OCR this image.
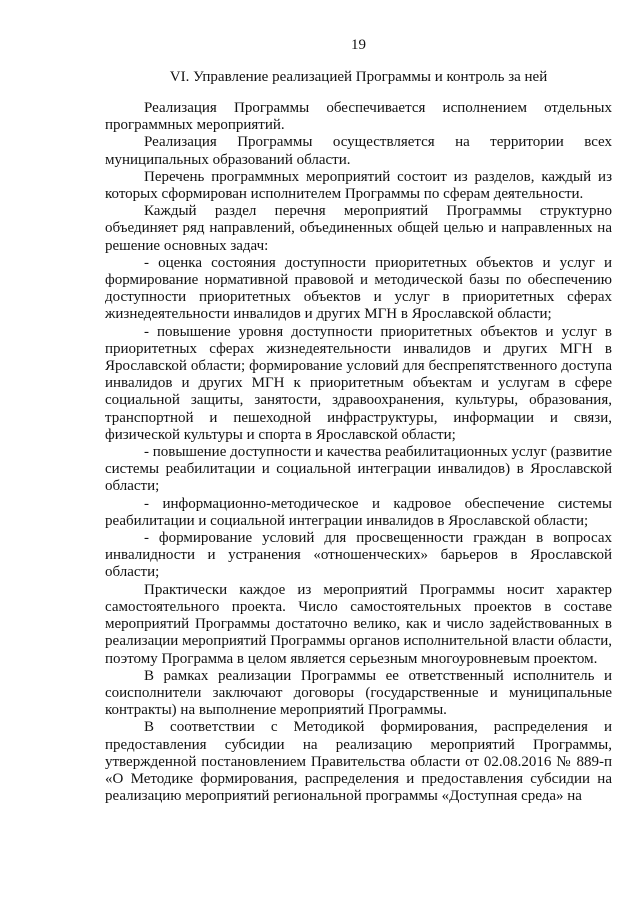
19
VI. Управление реализацией Программы и контроль за ней

Реализация Программы обеспечивается исполнением отдельных программных мероприятий.

Реализация Программы осуществляется на территории всех муниципальных образований области.

Перечень программных мероприятий состоит из разделов, каждый из которых сформирован исполнителем Программы по сферам деятельности.

Каждый раздел перечня мероприятий Программы структурно объединяет ряд направлений, объединенных общей целью и направленных на решение основных задач:

- оценка состояния доступности приоритетных объектов и услуг и формирование нормативной правовой и методической базы по обеспечению доступности приоритетных объектов и услуг в приоритетных сферах жизнедеятельности инвалидов и других МГН в Ярославской области;

- повышение уровня доступности приоритетных объектов и услуг в приоритетных сферах жизнедеятельности инвалидов и других МГН в Ярославской области; формирование условий для беспрепятственного доступа инвалидов и других МГН к приоритетным объектам и услугам в сфере социальной защиты, занятости, здравоохранения, культуры, образования, транспортной и пешеходной инфраструктуры, информации и связи, физической культуры и спорта в Ярославской области;

- повышение доступности и качества реабилитационных услуг (развитие системы реабилитации и социальной интеграции инвалидов) в Ярославской области;

- информационно-методическое и кадровое обеспечение системы реабилитации и социальной интеграции инвалидов в Ярославской области;

- формирование условий для просвещенности граждан в вопросах инвалидности и устранения «отношенческих» барьеров в Ярославской области;

Практически каждое из мероприятий Программы носит характер самостоятельного проекта. Число самостоятельных проектов в составе мероприятий Программы достаточно велико, как и число задействованных в реализации мероприятий Программы органов исполнительной власти области, поэтому Программа в целом является серьезным многоуровневым проектом.

В рамках реализации Программы ее ответственный исполнитель и соисполнители заключают договоры (государственные и муниципальные контракты) на выполнение мероприятий Программы.

В соответствии с Методикой формирования, распределения и предоставления субсидии на реализацию мероприятий Программы, утвержденной постановлением Правительства области от 02.08.2016 № 889-п «О Методике формирования, распределения и предоставления субсидии на реализацию мероприятий региональной программы «Доступная среда» на
